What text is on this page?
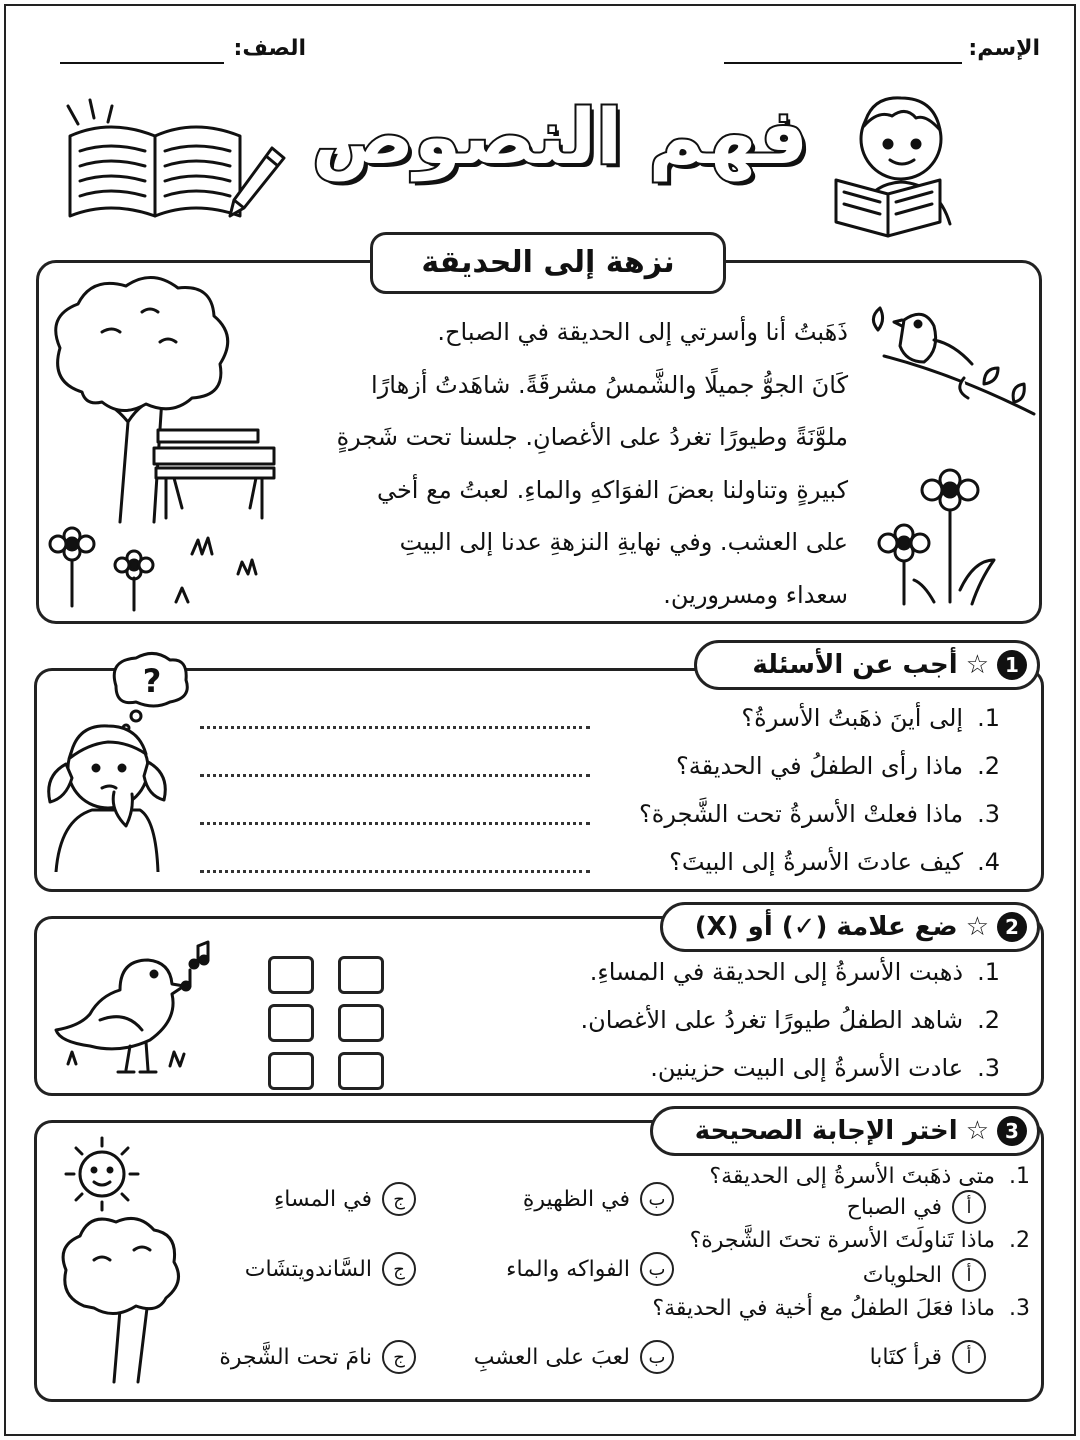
الإسم:
الصف:
فهم النصوص
نزهة إلى الحديقة
ذَهَبتُ أنا وأسرتي إلى الحديقة في الصباح.
كَانَ الجوُّ جميلًا والشَّمسُ مشرقَةً. شاهَدتُ أزهارًا
ملوَّنَةً وطيورًا تغردُ على الأغصانِ. جلسنا تحت شَجرةٍ
كبيرةٍ وتناولنا بعضَ الفوَاكهِ والماءِ. لعبتُ مع أخي
على العشب. وفي نهايةِ النزهةِ عدنا إلى البيتِ
سعداء ومسرورين.
1
☆
أجب عن الأسئلة
?
1.إلى أينَ ذهَبتُ الأسرةُ؟
2.ماذا رأى الطفلُ في الحديقة؟
3.ماذا فعلتْ الأسرةُ تحت الشَّجرة؟
4.كيف عادتَ الأسرةُ إلى البيتَ؟
2
☆
ضع علامة (✓) أو (X)
1.ذهبت الأسرةُ إلى الحديقة في المساءِ.
2.شاهد الطفلُ طيورًا تغردُ على الأغصان.
3.عادت الأسرةُ إلى البيت حزينين.
3
☆
اختر الإجابة الصحيحة
1.متى ذهَبتَ الأسرةُ إلى الحديقة؟
أ
في الصباح
ب
في الظهيرةِ
ج
في المساءِ
2.ماذا تَناولَتَ الأسرة تحتَ الشَّجرة؟
أ
الحلوياتَ
ب
الفواكه والماء
ج
السَّاندويتشَات
3.ماذا فعَلَ الطفلُ مع أخية في الحديقة؟
أ
قرأ كتَابا
ب
لعبَ على العشبِ
ج
نامَ تحت الشَّجرة
